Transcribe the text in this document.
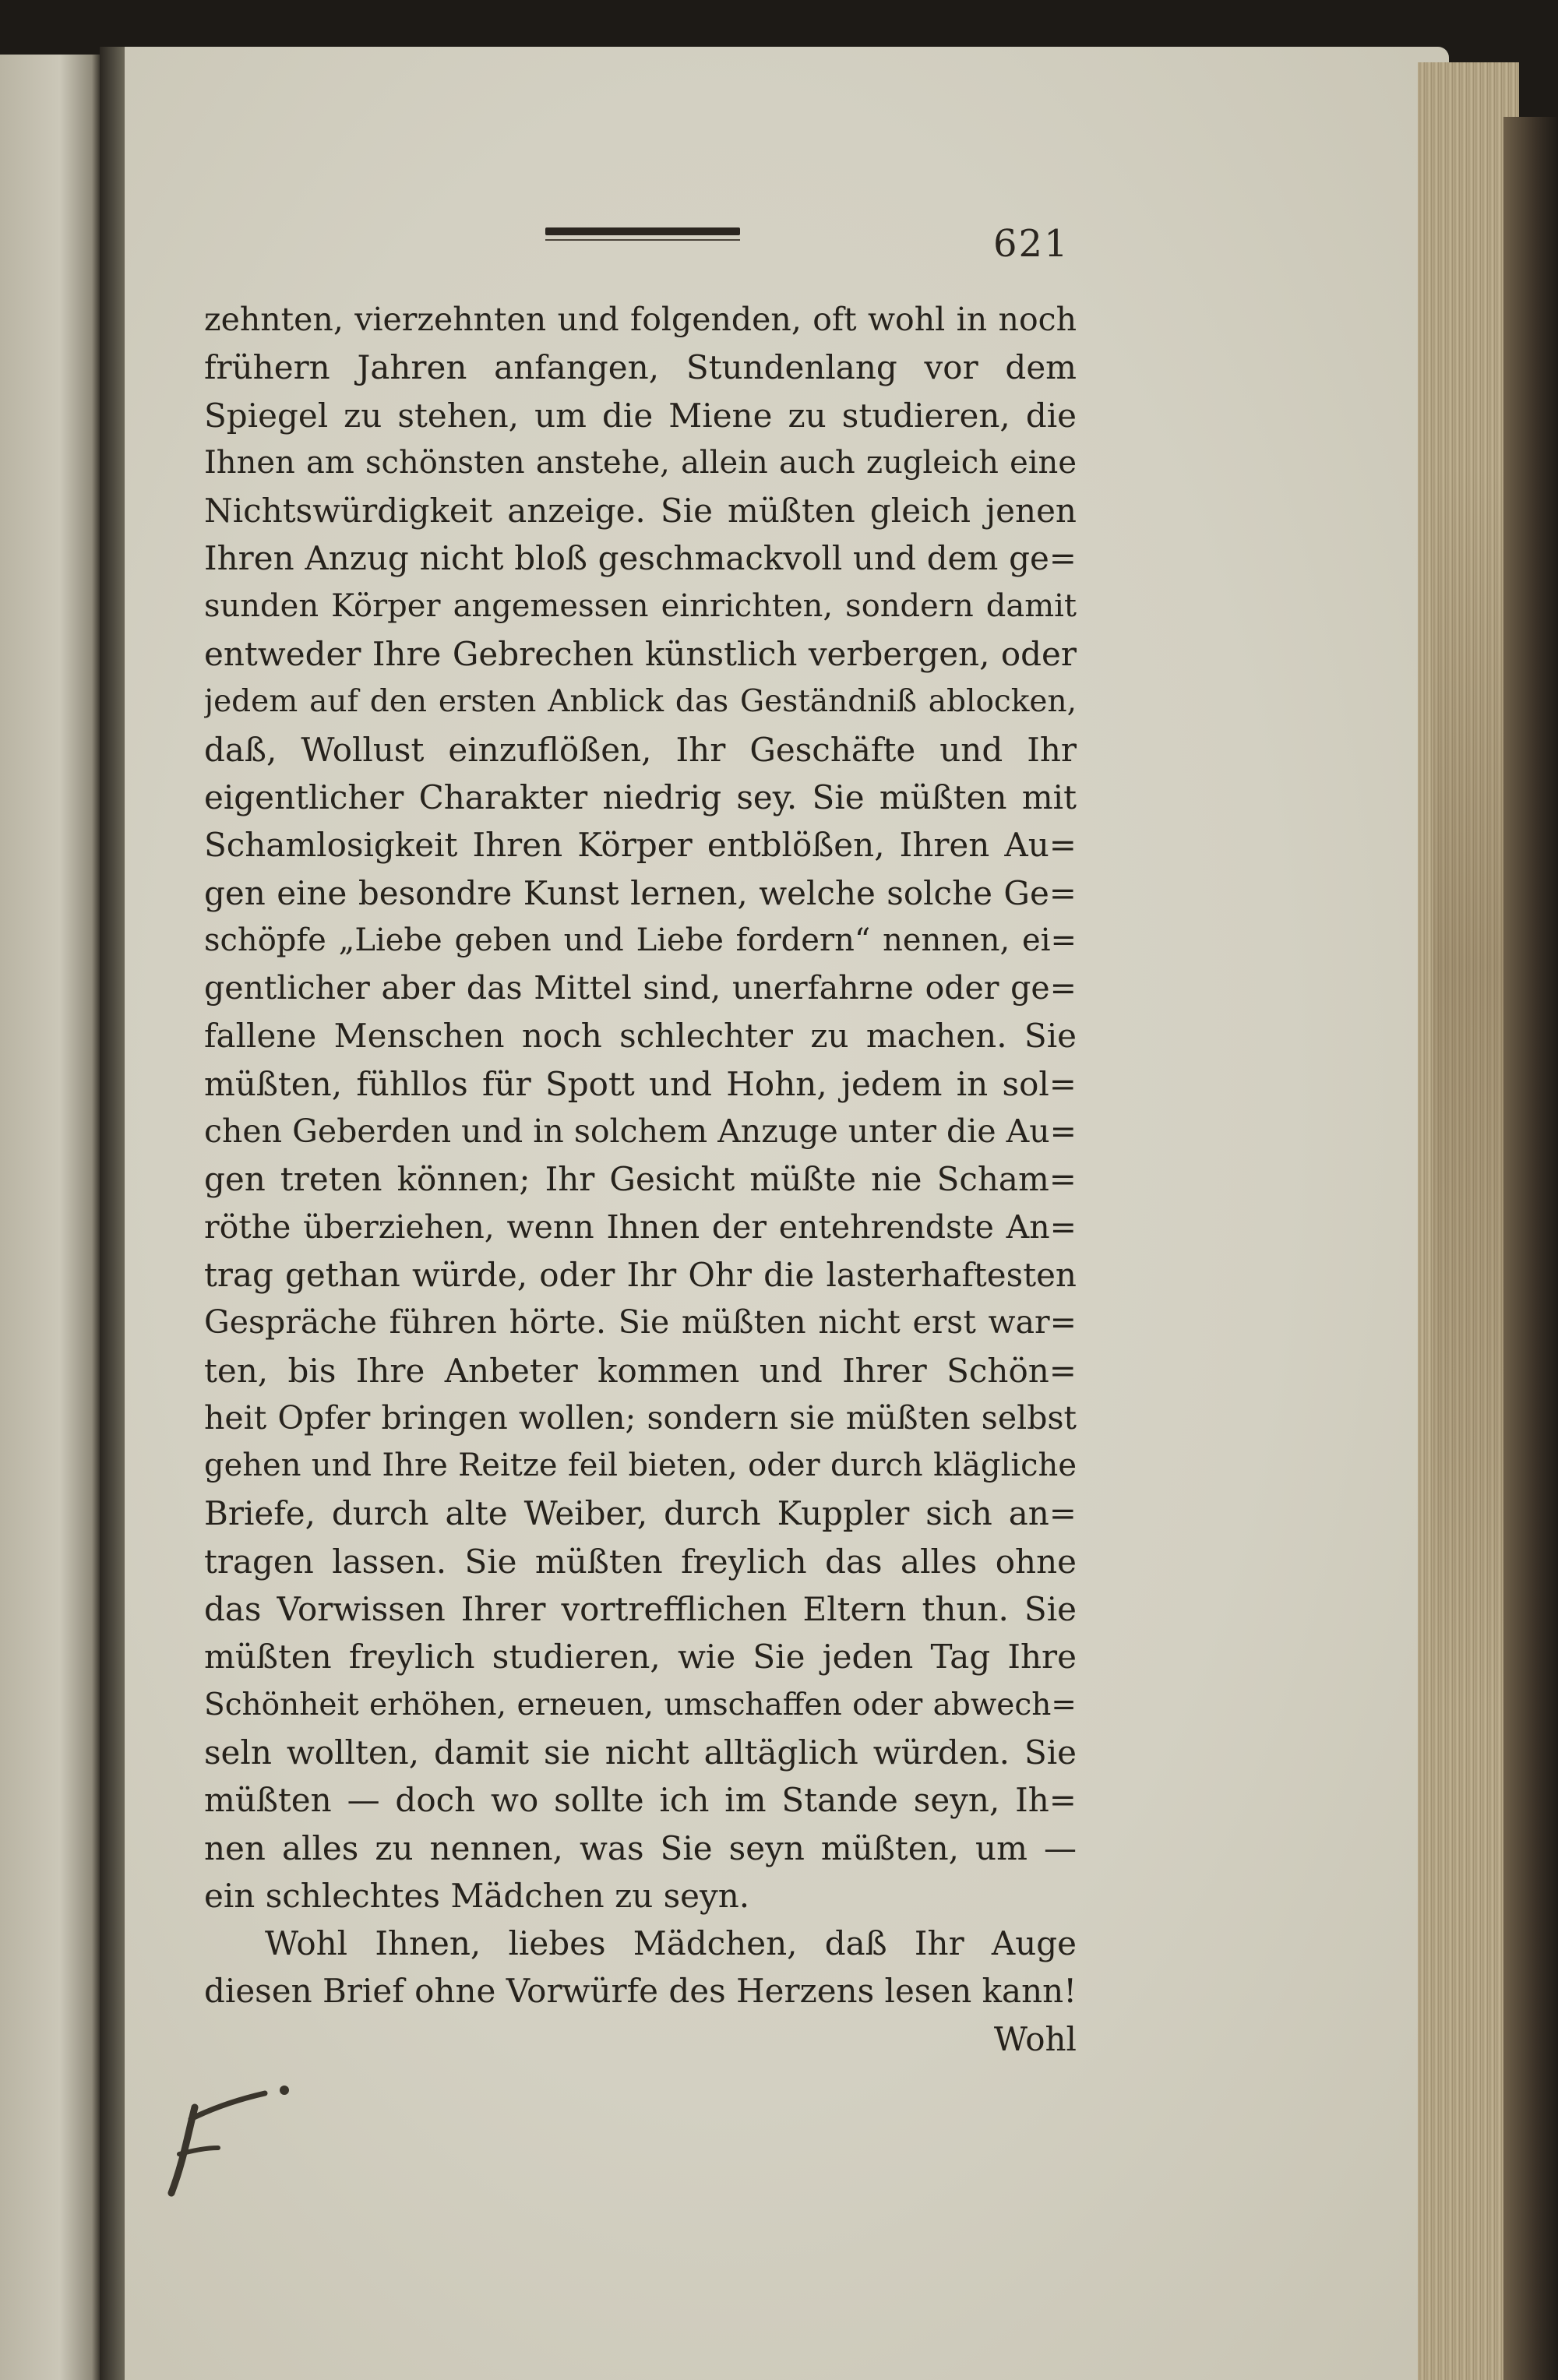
621
zehnten, vierzehnten und folgenden, oft wohl in noch
frühern Jahren anfangen, Stundenlang vor dem
Spiegel zu stehen, um die Miene zu studieren, die
Ihnen am schönsten anstehe, allein auch zugleich eine
Nichtswürdigkeit anzeige. Sie müßten gleich jenen
Ihren Anzug nicht bloß geschmackvoll und dem ge=
sunden Körper angemessen einrichten, sondern damit
entweder Ihre Gebrechen künstlich verbergen, oder
jedem auf den ersten Anblick das Geständniß ablocken,
daß, Wollust einzuflößen, Ihr Geschäfte und Ihr
eigentlicher Charakter niedrig sey. Sie müßten mit
Schamlosigkeit Ihren Körper entblößen, Ihren Au=
gen eine besondre Kunst lernen, welche solche Ge=
schöpfe „Liebe geben und Liebe fordern“ nennen, ei=
gentlicher aber das Mittel sind, unerfahrne oder ge=
fallene Menschen noch schlechter zu machen. Sie
müßten, fühllos für Spott und Hohn, jedem in sol=
chen Geberden und in solchem Anzuge unter die Au=
gen treten können; Ihr Gesicht müßte nie Scham=
röthe überziehen, wenn Ihnen der entehrendste An=
trag gethan würde, oder Ihr Ohr die lasterhaftesten
Gespräche führen hörte. Sie müßten nicht erst war=
ten, bis Ihre Anbeter kommen und Ihrer Schön=
heit Opfer bringen wollen; sondern sie müßten selbst
gehen und Ihre Reitze feil bieten, oder durch klägliche
Briefe, durch alte Weiber, durch Kuppler sich an=
tragen lassen. Sie müßten freylich das alles ohne
das Vorwissen Ihrer vortrefflichen Eltern thun. Sie
müßten freylich studieren, wie Sie jeden Tag Ihre
Schönheit erhöhen, erneuen, umschaffen oder abwech=
seln wollten, damit sie nicht alltäglich würden. Sie
müßten — doch wo sollte ich im Stande seyn, Ih=
nen alles zu nennen, was Sie seyn müßten, um —
ein schlechtes Mädchen zu seyn.
Wohl Ihnen, liebes Mädchen, daß Ihr Auge
diesen Brief ohne Vorwürfe des Herzens lesen kann!
Wohl
